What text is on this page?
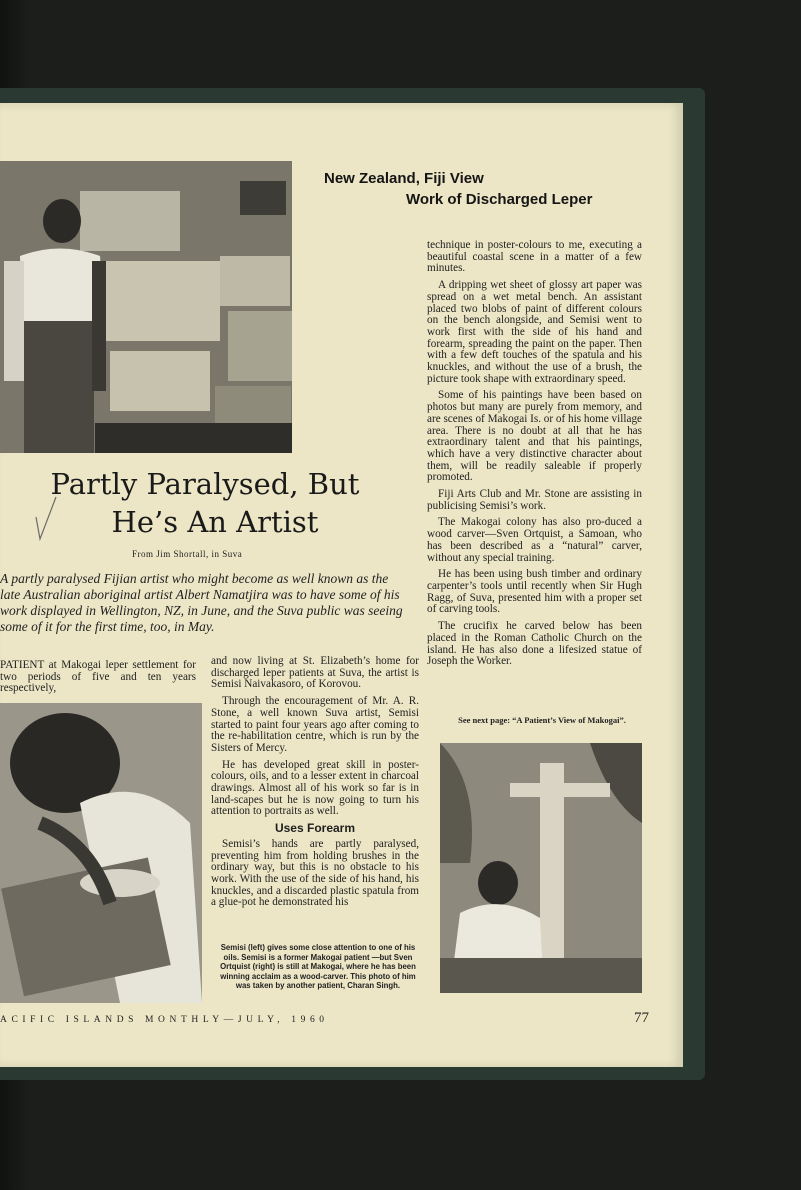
New Zealand, Fiji View
Work of Discharged Leper
Partly Paralysed, But

He’s An Artist
From Jim Shortall, in Suva
A partly paralysed Fijian artist who might become as well known as the late Australian aboriginal artist Albert Namatjira was to have some of his work displayed in Wellington, NZ, in June, and the Suva public was seeing some of it for the first time, too, in May.

PATIENT at Makogai leper settlement for two periods of five and ten years respectively,

and now living at St. Elizabeth’s home for discharged leper patients at Suva, the artist is Semisi Naivakasoro, of Korovou.

Through the encouragement of Mr. A. R. Stone, a well known Suva artist, Semisi started to paint four years ago after coming to the re-habilitation centre, which is run by the Sisters of Mercy.

He has developed great skill in poster-colours, oils, and to a lesser extent in charcoal drawings. Almost all of his work so far is in land-scapes but he is now going to turn his attention to portraits as well.

Uses Forearm

Semisi’s hands are partly paralysed, preventing him from holding brushes in the ordinary way, but this is no obstacle to his work. With the use of the side of his hand, his knuckles, and a discarded plastic spatula from a glue-pot he demonstrated his

Semisi (left) gives some close attention to one of his oils. Semisi is a former Makogai patient —but Sven Ortquist (right) is still at Makogai, where he has been winning acclaim as a wood-carver. This photo of him was taken by another patient, Charan Singh.

technique in poster-colours to me, executing a beautiful coastal scene in a matter of a few minutes.

A dripping wet sheet of glossy art paper was spread on a wet metal bench. An assistant placed two blobs of paint of different colours on the bench alongside, and Semisi went to work first with the side of his hand and forearm, spreading the paint on the paper. Then with a few deft touches of the spatula and his knuckles, and without the use of a brush, the picture took shape with extraordinary speed.

Some of his paintings have been based on photos but many are purely from memory, and are scenes of Makogai Is. or of his home village area. There is no doubt at all that he has extraordinary talent and that his paintings, which have a very distinctive character about them, will be readily saleable if properly promoted.

Fiji Arts Club and Mr. Stone are assisting in publicising Semisi’s work.

The Makogai colony has also pro-duced a wood carver—Sven Ortquist, a Samoan, who has been described as a “natural” carver, without any special training.

He has been using bush timber and ordinary carpenter’s tools until recently when Sir Hugh Ragg, of Suva, presented him with a proper set of carving tools.

The crucifix he carved below has been placed in the Roman Catholic Church on the island. He has also done a lifesized statue of Joseph the Worker.

See next page: “A Patient’s View of Makogai”.
ACIFIC ISLANDS MONTHLY—JULY, 1960	77
